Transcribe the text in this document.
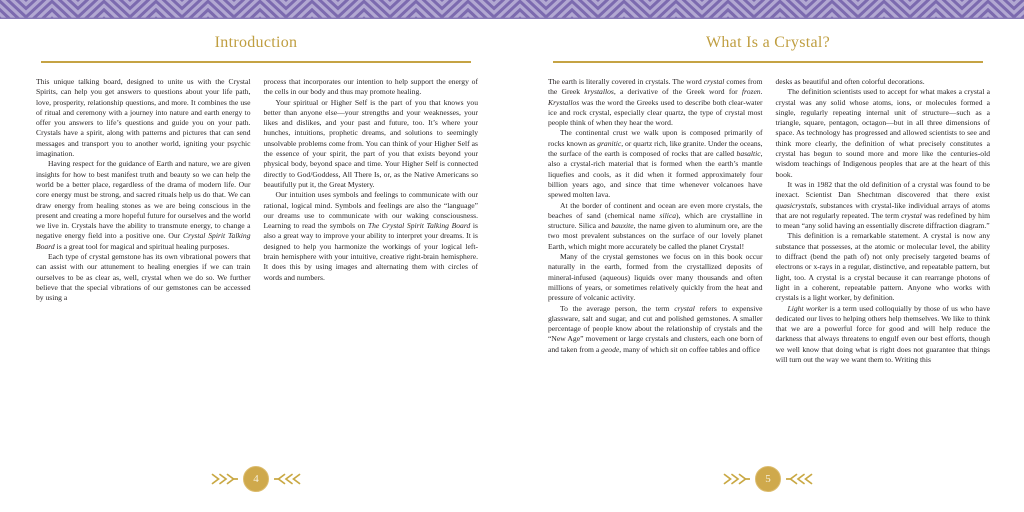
Introduction

This unique talking board, designed to unite us with the Crystal Spirits, can help you get answers to questions about your life path, love, prosperity, relationship questions, and more. It combines the use of ritual and ceremony with a journey into nature and earth energy to offer you answers to life’s questions and guide you on your path. Crystals have a spirit, along with patterns and pictures that can send messages and transport you to another world, igniting your psychic imagination.

Having respect for the guidance of Earth and nature, we are given insights for how to best manifest truth and beauty so we can help the world be a better place, regardless of the drama of modern life. Our core energy must be strong, and sacred rituals help us do that. We can draw energy from healing stones as we are being conscious in the present and creating a more hopeful future for ourselves and the world we live in. Crystals have the ability to transmute energy, to change a negative energy field into a positive one. Our Crystal Spirit Talking Board is a great tool for magical and spiritual healing purposes.

Each type of crystal gemstone has its own vibrational powers that can assist with our attunement to healing energies if we can train ourselves to be as clear as, well, crystal when we do so. We further believe that the special vibrations of our gemstones can be accessed by using a

process that incorporates our intention to help support the energy of the cells in our body and thus may promote healing.

Your spiritual or Higher Self is the part of you that knows you better than anyone else—your strengths and your weaknesses, your likes and dislikes, and your past and future, too. It’s where your hunches, intuitions, prophetic dreams, and solutions to seemingly unsolvable problems come from. You can think of your Higher Self as the essence of your spirit, the part of you that exists beyond your physical body, beyond space and time. Your Higher Self is connected directly to God/Goddess, All There Is, or, as the Native Americans so beautifully put it, the Great Mystery.

Our intuition uses symbols and feelings to communicate with our rational, logical mind. Symbols and feelings are also the “language” our dreams use to communicate with our waking consciousness. Learning to read the symbols on The Crystal Spirit Talking Board is also a great way to improve your ability to interpret your dreams. It is designed to help you harmonize the workings of your logical left-brain hemisphere with your intuitive, creative right-brain hemisphere. It does this by using images and alternating them with circles of words and numbers.

4
What Is a Crystal?

The earth is literally covered in crystals. The word crystal comes from the Greek krystallos, a derivative of the Greek word for frozen. Krystallos was the word the Greeks used to describe both clear-water ice and rock crystal, especially clear quartz, the type of crystal most people think of when they hear the word.

The continental crust we walk upon is composed primarily of rocks known as granitic, or quartz rich, like granite. Under the oceans, the surface of the earth is composed of rocks that are called basaltic, also a crystal-rich material that is formed when the earth’s mantle liquefies and cools, as it did when it formed approximately four billion years ago, and since that time whenever volcanoes have spewed molten lava.

At the border of continent and ocean are even more crystals, the beaches of sand (chemical name silica), which are crystalline in structure. Silica and bauxite, the name given to aluminum ore, are the two most prevalent substances on the surface of our lovely planet Earth, which might more accurately be called the planet Crystal!

Many of the crystal gemstones we focus on in this book occur naturally in the earth, formed from the crystallized deposits of mineral-infused (aqueous) liquids over many thousands and often millions of years, or sometimes relatively quickly from the heat and pressure of volcanic activity.

To the average person, the term crystal refers to expensive glassware, salt and sugar, and cut and polished gemstones. A smaller percentage of people know about the relationship of crystals and the “New Age” movement or large crystals and clusters, each one born of and taken from a geode, many of which sit on coffee tables and office

desks as beautiful and often colorful decorations.

The definition scientists used to accept for what makes a crystal a crystal was any solid whose atoms, ions, or molecules formed a single, regularly repeating internal unit of structure—such as a triangle, square, pentagon, octagon—but in all three dimensions of space. As technology has progressed and allowed scientists to see and think more clearly, the definition of what precisely constitutes a crystal has begun to sound more and more like the centuries-old wisdom teachings of Indigenous peoples that are at the heart of this book.

It was in 1982 that the old definition of a crystal was found to be inexact. Scientist Dan Shechtman discovered that there exist quasicrystals, substances with crystal-like individual arrays of atoms that are not regularly repeated. The term crystal was redefined by him to mean “any solid having an essentially discrete diffraction diagram.”

This definition is a remarkable statement. A crystal is now any substance that possesses, at the atomic or molecular level, the ability to diffract (bend the path of) not only precisely targeted beams of electrons or x-rays in a regular, distinctive, and repeatable pattern, but light, too. A crystal is a crystal because it can rearrange photons of light in a coherent, repeatable pattern. Anyone who works with crystals is a light worker, by definition.

Light worker is a term used colloquially by those of us who have dedicated our lives to helping others help themselves. We like to think that we are a powerful force for good and will help reduce the darkness that always threatens to engulf even our best efforts, though we well know that doing what is right does not guarantee that things will turn out the way we want them to. Writing this

5
